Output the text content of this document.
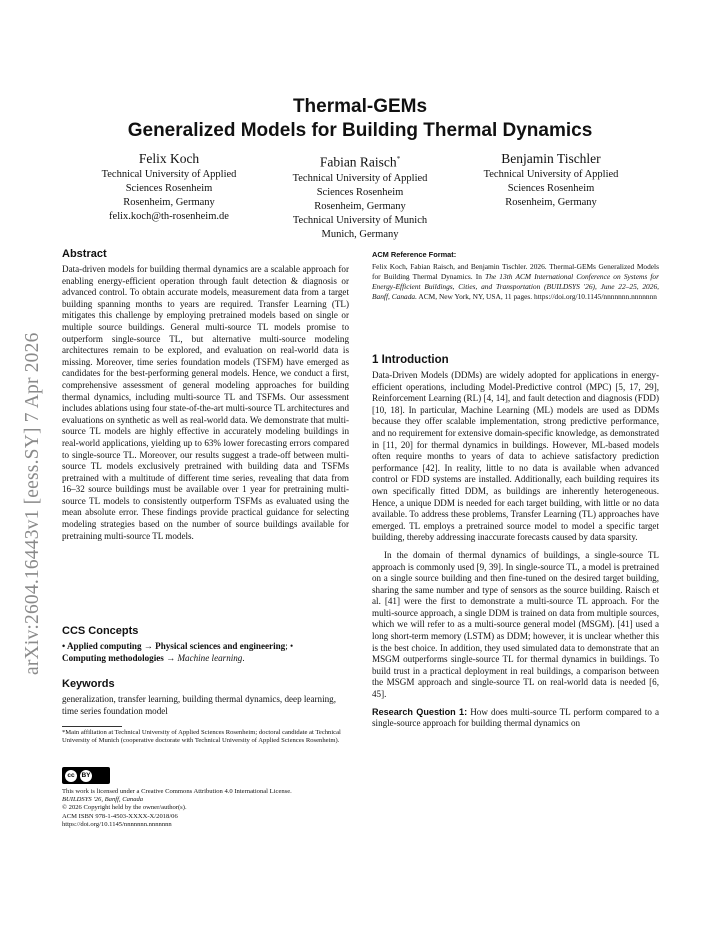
arXiv:2604.16443v1 [eess.SY] 7 Apr 2026
Thermal-GEMs
Generalized Models for Building Thermal Dynamics
Felix Koch
Technical University of Applied
Sciences Rosenheim
Rosenheim, Germany
felix.koch@th-rosenheim.de
Fabian Raisch*
Technical University of Applied
Sciences Rosenheim
Rosenheim, Germany
Technical University of Munich
Munich, Germany
Benjamin Tischler
Technical University of Applied
Sciences Rosenheim
Rosenheim, Germany
Abstract

Data-driven models for building thermal dynamics are a scalable approach for enabling energy-efficient operation through fault detection & diagnosis or advanced control. To obtain accurate models, measurement data from a target building spanning months to years are required. Transfer Learning (TL) mitigates this challenge by employing pretrained models based on single or multiple source buildings. General multi-source TL models promise to outperform single-source TL, but alternative multi-source modeling architectures remain to be explored, and evaluation on real-world data is missing. Moreover, time series foundation models (TSFM) have emerged as candidates for the best-performing general models. Hence, we conduct a first, comprehensive assessment of general modeling approaches for building thermal dynamics, including multi-source TL and TSFMs. Our assessment includes ablations using four state-of-the-art multi-source TL architectures and evaluations on synthetic as well as real-world data. We demonstrate that multi-source TL models are highly effective in accurately modeling buildings in real-world applications, yielding up to 63% lower forecasting errors compared to single-source TL. Moreover, our results suggest a trade-off between multi-source TL models exclusively pretrained with building data and TSFMs pretrained with a multitude of different time series, revealing that data from 16–32 source buildings must be available over 1 year for pretraining multi-source TL models to consistently outperform TSFMs as evaluated using the mean absolute error. These findings provide practical guidance for selecting modeling strategies based on the number of source buildings available for pretraining multi-source TL models.

CCS Concepts

• Applied computing → Physical sciences and engineering; •
Computing methodologies → Machine learning.

Keywords

generalization, transfer learning, building thermal dynamics, deep learning, time series foundation model

*Main affiliation at Technical University of Applied Sciences Rosenheim; doctoral candidate at Technical University of Munich (cooperative doctorate with Technical University of Applied Sciences Rosenheim).

cc	BY

This work is licensed under a Creative Commons Attribution 4.0 International License.

BUILDSYS '26, Banff, Canada

© 2026 Copyright held by the owner/author(s).

ACM ISBN 978-1-4503-XXXX-X/2018/06

https://doi.org/10.1145/nnnnnnn.nnnnnnn

ACM Reference Format:

Felix Koch, Fabian Raisch, and Benjamin Tischler. 2026. Thermal-GEMs Generalized Models for Building Thermal Dynamics. In The 13th ACM International Conference on Systems for Energy-Efficient Buildings, Cities, and Transportation (BUILDSYS '26), June 22–25, 2026, Banff, Canada. ACM, New York, NY, USA, 11 pages. https://doi.org/10.1145/nnnnnnn.nnnnnnn

1 Introduction

Data-Driven Models (DDMs) are widely adopted for applications in energy-efficient operations, including Model-Predictive control (MPC) [5, 17, 29], Reinforcement Learning (RL) [4, 14], and fault detection and diagnosis (FDD) [10, 18]. In particular, Machine Learning (ML) models are used as DDMs because they offer scalable implementation, strong predictive performance, and no requirement for extensive domain-specific knowledge, as demonstrated in [11, 20] for thermal dynamics in buildings. However, ML-based models often require months to years of data to achieve satisfactory prediction performance [42]. In reality, little to no data is available when advanced control or FDD systems are installed. Additionally, each building requires its own specifically fitted DDM, as buildings are inherently heterogeneous. Hence, a unique DDM is needed for each target building, with little or no data available. To address these problems, Transfer Learning (TL) approaches have emerged. TL employs a pretrained source model to model a specific target building, thereby addressing inaccurate forecasts caused by data sparsity.

In the domain of thermal dynamics of buildings, a single-source TL approach is commonly used [9, 39]. In single-source TL, a model is pretrained on a single source building and then fine-tuned on the desired target building, sharing the same number and type of sensors as the source building. Raisch et al. [41] were the first to demonstrate a multi-source TL approach. For the multi-source approach, a single DDM is trained on data from multiple sources, which we will refer to as a multi-source general model (MSGM). [41] used a long short-term memory (LSTM) as DDM; however, it is unclear whether this is the best choice. In addition, they used simulated data to demonstrate that an MSGM outperforms single-source TL for thermal dynamics in buildings. To build trust in a practical deployment in real buildings, a comparison between the MSGM approach and single-source TL on real-world data is needed [6, 45].

Research Question 1: How does multi-source TL perform compared to a single-source approach for building thermal dynamics on
